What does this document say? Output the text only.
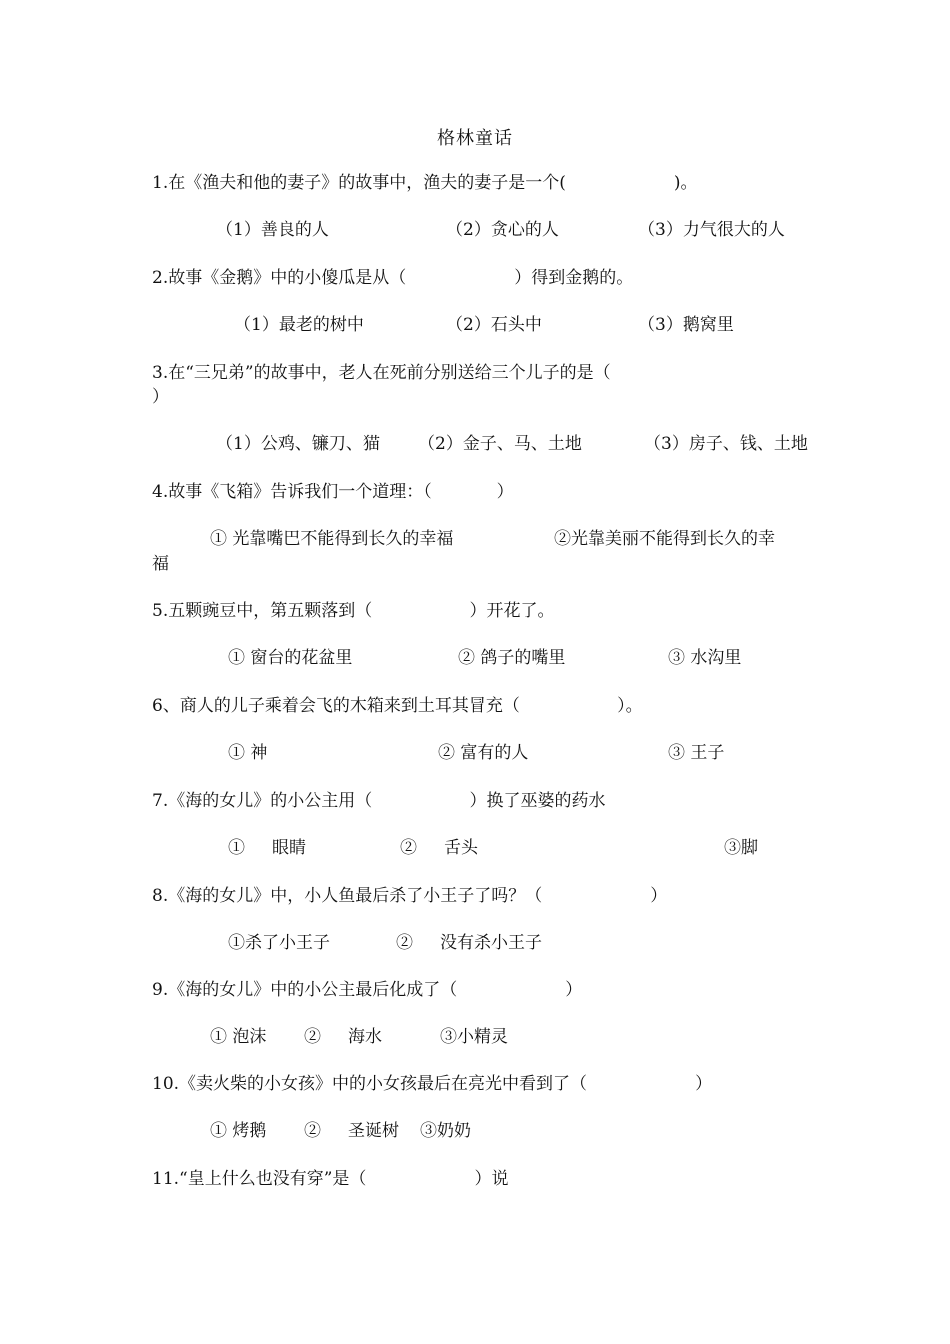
格林童话
1.在《渔夫和他的妻子》的故事中，渔夫的妻子是一个(                    )。
（1）善良的人	（2）贪心的人	（3）力气很大的人
2.故事《金鹅》中的小傻瓜是从（                    ）得到金鹅的。
（1）最老的树中	（2）石头中	（3）鹅窝里
3.在“三兄弟”的故事中，老人在死前分别送给三个儿子的是（
）
（1）公鸡、镰刀、猫 （2）金子、马、土地	（3）房子、钱、土地
4.故事《飞箱》告诉我们一个道理：（            ）
① 光靠嘴巴不能得到长久的幸福	②光靠美丽不能得到长久的幸
福
5.五颗豌豆中，第五颗落到（                  ）开花了。
① 窗台的花盆里	② 鸽子的嘴里	③ 水沟里
6、商人的儿子乘着会飞的木箱来到土耳其冒充（                  ）。
① 神	② 富有的人	③ 王子
7.《海的女儿》的小公主用（                  ）换了巫婆的药水
①     眼睛	②     舌头	③脚
8.《海的女儿》中，小人鱼最后杀了小王子了吗？（                    ）
①杀了小王子	②     没有杀小王子
9.《海的女儿》中的小公主最后化成了（                    ）
① 泡沫 ②     海水	③小精灵
10.《卖火柴的小女孩》中的小女孩最后在亮光中看到了（                    ）
① 烤鹅 ②     圣诞树 ③奶奶
11.“皇上什么也没有穿”是（                    ）说
